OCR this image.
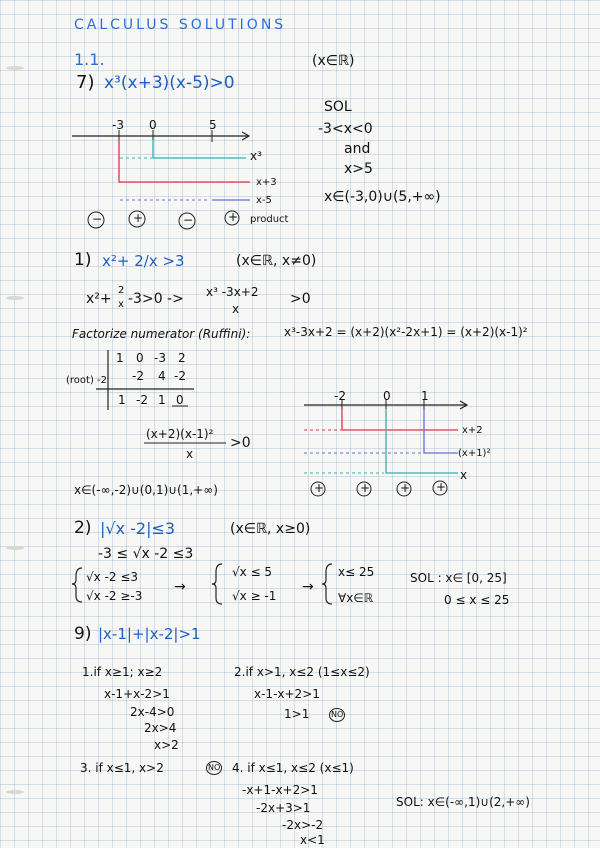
CALCULUS SOLUTIONS
1.1.
7) x³(x+3)(x-5)>0
(x∈ℝ)
SOL
-3<x<0
and
x>5
x∈(-3,0)∪(5,+∞)
-3 0	5
x³
x+3
x-5
product
−	+	−	+
1) x²+ 2/x >3	(x∈ℝ, x≠0)
x²+
2
x -3>0 -> x³ -3x+2
x
>0
Factorize numerator (Ruffini):	x³-3x+2 = (x+2)(x²-2x+1) = (x+2)(x-1)²
(root) -2
1 0 -3 2
-2 4 -2
1 -2 1 0
(x+2)(x-1)²
x
>0
x∈(-∞,-2)∪(0,1)∪(1,+∞)
-2	0	1
x+2
(x+1)²
x
+	+ + +
2) |√x -2|≤3	(x∈ℝ, x≥0)
-3 ≤ √x -2 ≤3
√x -2 ≤3
√x -2 ≥-3
→
√x ≤ 5
√x ≥ -1
→
x≤ 25
∀x∈ℝ
SOL : x∈ [0, 25]
0 ≤ x ≤ 25
9) |x-1|+|x-2|>1
1.if x≥1; x≥2
x-1+x-2>1
2x-4>0
2x>4
x>2
2.if x>1, x≤2 (1≤x≤2)
x-1-x+2>1
1>1	NO
3. if x≤1, x>2	NO 4. if x≤1, x≤2 (x≤1)
-x+1-x+2>1
-2x+3>1
-2x>-2
x<1
SOL: x∈(-∞,1)∪(2,+∞)
